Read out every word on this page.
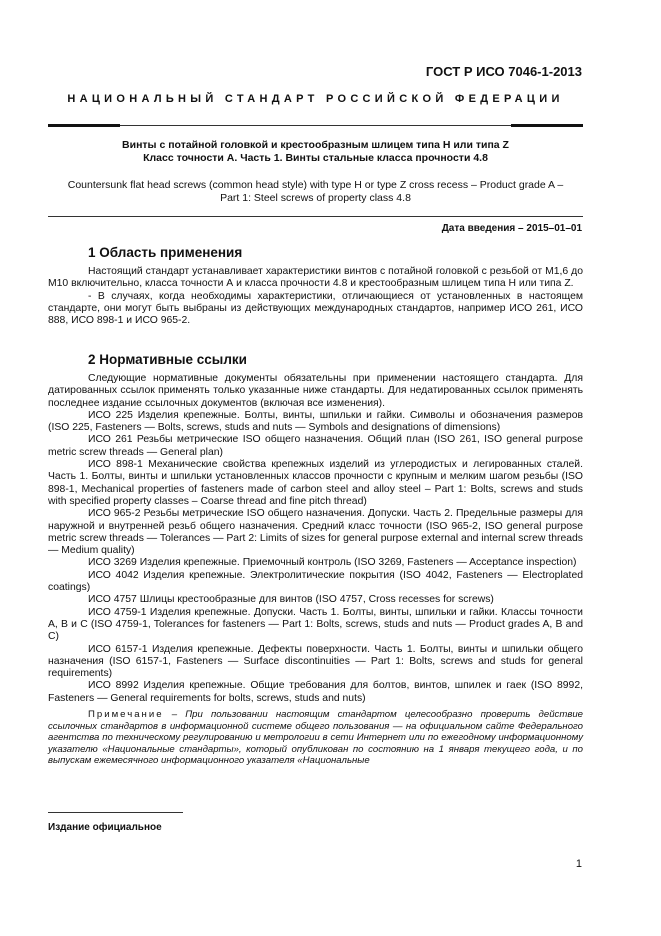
ГОСТ Р ИСО 7046-1-2013
НАЦИОНАЛЬНЫЙ СТАНДАРТ РОССИЙСКОЙ ФЕДЕРАЦИИ
Винты с потайной головкой и крестообразным шлицем типа H или типа Z
Класс точности А. Часть 1. Винты стальные класса прочности 4.8
Countersunk flat head screws (common head style) with type H or type Z cross recess – Product grade A –
Part 1: Steel screws of property class 4.8
Дата введения – 2015–01–01
1 Область применения

Настоящий стандарт устанавливает характеристики винтов с потайной головкой с резьбой от М1,6 до М10 включительно, класса точности А и класса прочности 4.8 и крестообразным шлицем типа Н или типа Z.

- В случаях, когда необходимы характеристики, отличающиеся от установленных в настоящем стандарте, они могут быть выбраны из действующих международных стандартов, например ИСО 261, ИСО 888, ИСО 898-1 и ИСО 965-2.

2 Нормативные ссылки

Следующие нормативные документы обязательны при применении настоящего стандарта. Для датированных ссылок применять только указанные ниже стандарты. Для недатированных ссылок применять последнее издание ссылочных документов (включая все изменения).

ИСО 225 Изделия крепежные. Болты, винты, шпильки и гайки. Символы и обозначения размеров (ISO 225, Fasteners — Bolts, screws, studs and nuts — Symbols and designations of dimensions)

ИСО 261 Резьбы метрические ISO общего назначения. Общий план (ISO 261, ISO general purpose metric screw threads — General plan)

ИСО 898-1 Механические свойства крепежных изделий из углеродистых и легированных сталей. Часть 1. Болты, винты и шпильки установленных классов прочности с крупным и мелким шагом резьбы (ISO 898-1, Mechanical properties of fasteners made of carbon steel and alloy steel – Part 1: Bolts, screws and studs with specified property classes – Coarse thread and fine pitch thread)

ИСО 965-2 Резьбы метрические ISO общего назначения. Допуски. Часть 2. Предельные размеры для наружной и внутренней резьб общего назначения. Средний класс точности (ISO 965-2, ISO general purpose metric screw threads — Tolerances — Part 2: Limits of sizes for general purpose external and internal screw threads — Medium quality)

ИСО 3269 Изделия крепежные. Приемочный контроль (ISO 3269, Fasteners — Acceptance inspection)

ИСО 4042 Изделия крепежные. Электролитические покрытия (ISO 4042, Fasteners — Electroplated coatings)

ИСО 4757 Шлицы крестообразные для винтов (ISO 4757, Cross recesses for screws)

ИСО 4759-1 Изделия крепежные. Допуски. Часть 1. Болты, винты, шпильки и гайки. Классы точности А, В и С (ISO 4759-1, Tolerances for fasteners — Part 1: Bolts, screws, studs and nuts — Product grades A, B and C)

ИСО 6157-1 Изделия крепежные. Дефекты поверхности. Часть 1. Болты, винты и шпильки общего назначения (ISO 6157-1, Fasteners — Surface discontinuities — Part 1: Bolts, screws and studs for general requirements)

ИСО 8992 Изделия крепежные. Общие требования для болтов, винтов, шпилек и гаек (ISO 8992, Fasteners — General requirements for bolts, screws, studs and nuts)

Примечание – При пользовании настоящим стандартом целесообразно проверить действие ссылочных стандартов в информационной системе общего пользования — на официальном сайте Федерального агентства по техническому регулированию и метрологии в сети Интернет или по ежегодному информационному указателю «Национальные стандарты», который опубликован по состоянию на 1 января текущего года, и по выпускам ежемесячного информационного указателя «Национальные

Издание официальное
1
